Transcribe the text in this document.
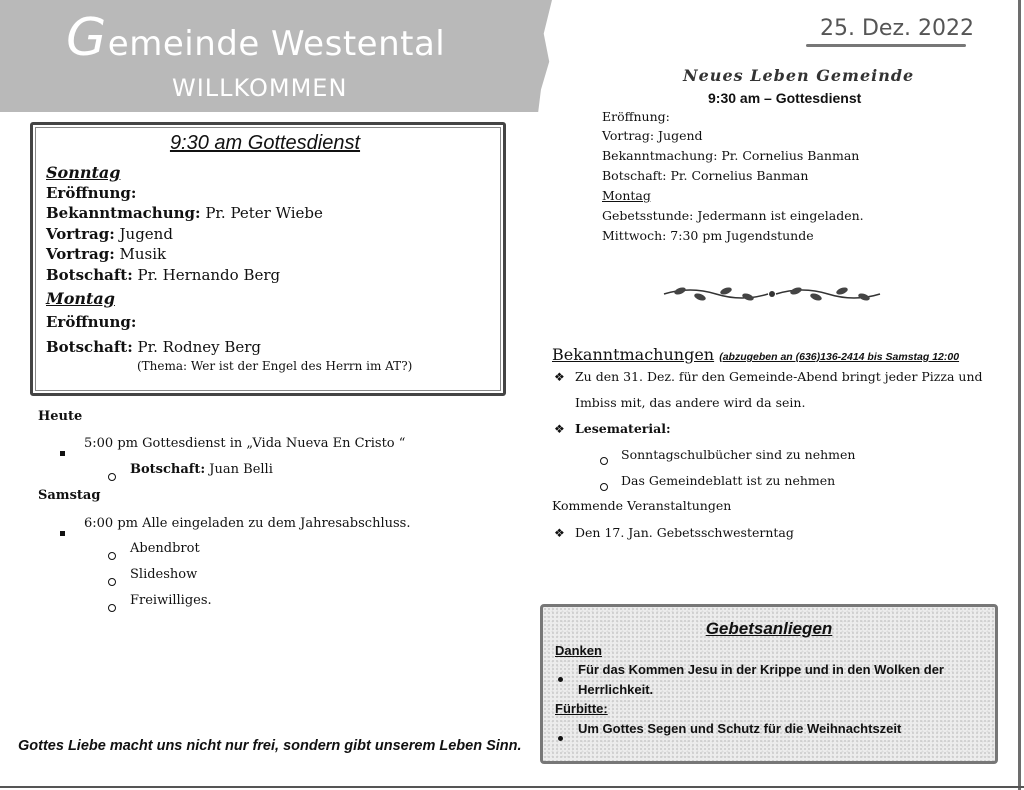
Gemeinde Westental
WILLKOMMEN
25. Dez. 2022
9:30 am Gottesdienst
Sonntag
Eröffnung:
Bekanntmachung: Pr. Peter Wiebe
Vortrag: Jugend
Vortrag: Musik
Botschaft: Pr. Hernando Berg
Montag
Eröffnung:
Botschaft: Pr. Rodney Berg
(Thema: Wer ist der Engel des Herrn im AT?)
Heute
5:00 pm Gottesdienst in „Vida Nueva En Cristo “
Botschaft: Juan Belli
Samstag
6:00 pm Alle eingeladen zu dem Jahresabschluss.
Abendbrot
Slideshow
Freiwilliges.
Gottes Liebe macht uns nicht nur frei, sondern gibt unserem Leben Sinn.
Neues Leben Gemeinde
9:30 am – Gottesdienst
Eröffnung:
Vortrag: Jugend
Bekanntmachung: Pr. Cornelius Banman
Botschaft: Pr. Cornelius Banman
Montag
Gebetsstunde: Jedermann ist eingeladen.
Mittwoch: 7:30 pm Jugendstunde
Bekanntmachungen (abzugeben an (636)136-2414 bis Samstag 12:00
❖ Zu den 31. Dez. für den Gemeinde-Abend bringt jeder Pizza und
Imbiss mit, das andere wird da sein.
❖ Lesematerial:
Sonntagschulbücher sind zu nehmen
Das Gemeindeblatt ist zu nehmen
Kommende Veranstaltungen
❖ Den 17. Jan. Gebetsschwesterntag
Gebetsanliegen
Danken
Für das Kommen Jesu in der Krippe und in den Wolken der
Herrlichkeit.
Fürbitte:
Um Gottes Segen und Schutz für die Weihnachtszeit
